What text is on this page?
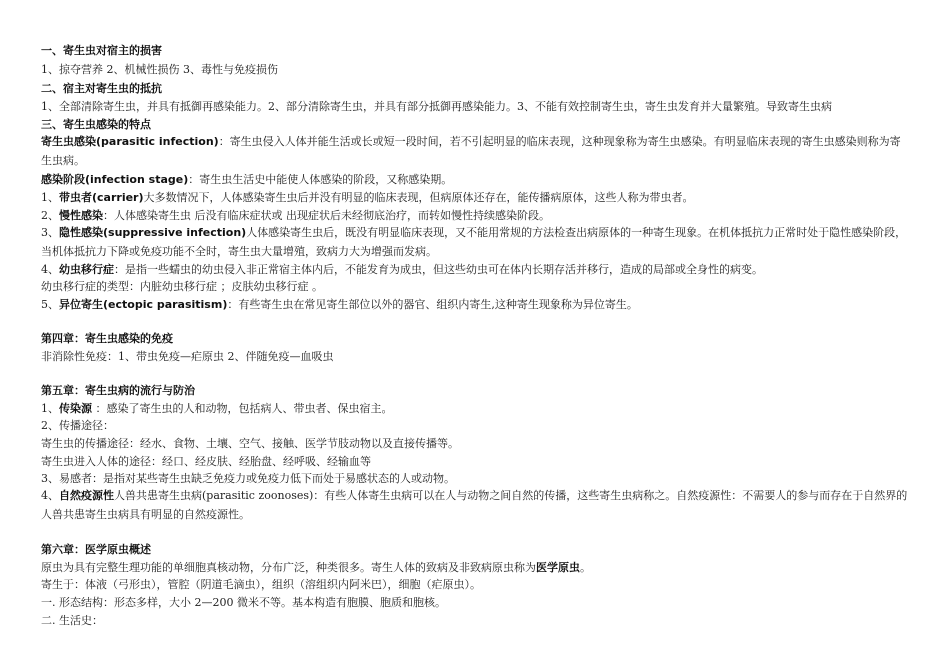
一、寄生虫对宿主的损害
1、掠夺营养 2、机械性损伤 3、毒性与免疫损伤
二、宿主对寄生虫的抵抗
1、全部清除寄生虫，并具有抵御再感染能力。2、部分清除寄生虫，并具有部分抵御再感染能力。3、不能有效控制寄生虫，寄生虫发育并大量繁殖。导致寄生虫病
三、寄生虫感染的特点
寄生虫感染(parasitic infection)：寄生虫侵入人体并能生活或长或短一段时间，若不引起明显的临床表现，这种现象称为寄生虫感染。有明显临床表现的寄生虫感染则称为寄生虫病。
感染阶段(infection stage)：寄生虫生活史中能使人体感染的阶段，又称感染期。
1、带虫者(carrier)大多数情况下，人体感染寄生虫后并没有明显的临床表现，但病原体还存在，能传播病原体，这些人称为带虫者。
2、慢性感染：人体感染寄生虫 后没有临床症状或 出现症状后未经彻底治疗，而转如慢性持续感染阶段。
3、隐性感染(suppressive infection)人体感染寄生虫后，既没有明显临床表现，又不能用常规的方法检查出病原体的一种寄生现象。在机体抵抗力正常时处于隐性感染阶段，当机体抵抗力下降或免疫功能不全时，寄生虫大量增殖，致病力大为增强而发病。
4、幼虫移行症：是指一些蠕虫的幼虫侵入非正常宿主体内后，不能发育为成虫，但这些幼虫可在体内长期存活并移行，造成的局部或全身性的病变。
幼虫移行症的类型：内脏幼虫移行症 ；皮肤幼虫移行症 。
5、异位寄生(ectopic parasitism)：有些寄生虫在常见寄生部位以外的器官、组织内寄生,这种寄生现象称为异位寄生。
第四章：寄生虫感染的免疫
非消除性免疫：1、带虫免疫—疟原虫 2、伴随免疫—血吸虫
第五章：寄生虫病的流行与防治
1、传染源 ：感染了寄生虫的人和动物，包括病人、带虫者、保虫宿主。
2、传播途径：
寄生虫的传播途径：经水、食物、土壤、空气、接触、医学节肢动物以及直接传播等。
寄生虫进入人体的途径：经口、经皮肤、经胎盘、经呼吸、经输血等
3、易感者：是指对某些寄生虫缺乏免疫力或免疫力低下而处于易感状态的人或动物。
4、自然疫源性人兽共患寄生虫病(parasitic zoonoses)：有些人体寄生虫病可以在人与动物之间自然的传播，这些寄生虫病称之。自然疫源性：不需要人的参与而存在于自然界的人兽共患寄生虫病具有明显的自然疫源性。
第六章：医学原虫概述
原虫为具有完整生理功能的单细胞真核动物，分布广泛，种类很多。寄生人体的致病及非致病原虫称为医学原虫。
寄生于：体液（弓形虫），管腔（阴道毛滴虫），组织（溶组织内阿米巴），细胞（疟原虫）。
一. 形态结构：形态多样，大小 2—200 微米不等。基本构造有胞膜、胞质和胞核。
二. 生活史：
